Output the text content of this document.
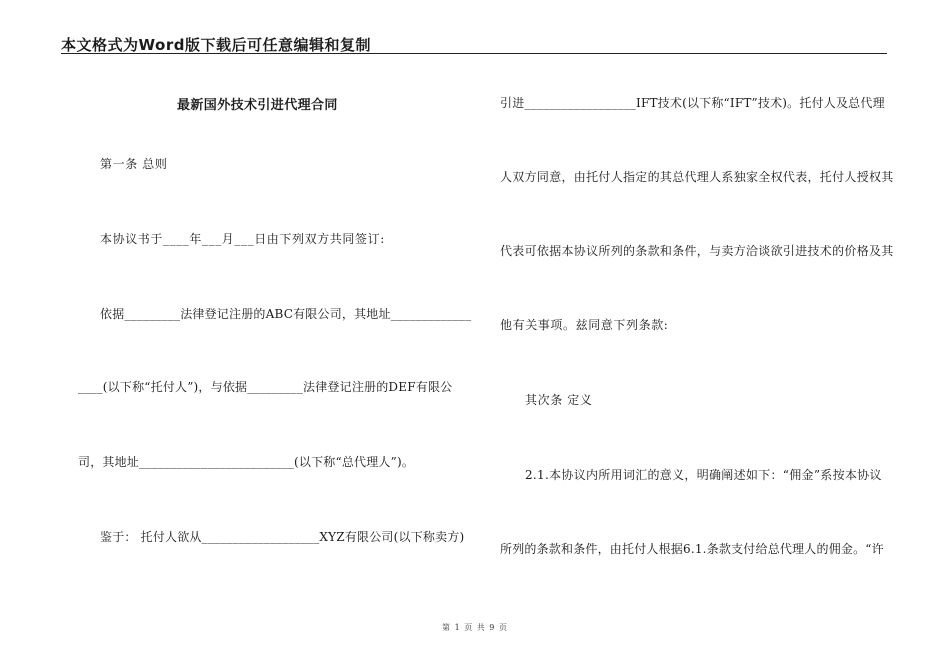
本文格式为Word版下载后可任意编辑和复制
最新国外技术引进代理合同
第一条 总则
本协议书于____年___月___日由下列双方共同签订:
依据_________法律登记注册的ABC有限公司，其地址_____________
____(以下称“托付人”)，与依据_________法律登记注册的DEF有限公
司，其地址_________________________(以下称“总代理人”)。
鉴于： 托付人欲从___________________XYZ有限公司(以下称卖方)
引进__________________IFT技术(以下称“IFT”技术)。托付人及总代理
人双方同意，由托付人指定的其总代理人系独家全权代表，托付人授权其
代表可依据本协议所列的条款和条件，与卖方洽谈欲引进技术的价格及其
他有关事项。兹同意下列条款:
其次条 定义
2.1.本协议内所用词汇的意义，明确阐述如下：“佣金”系按本协议
所列的条款和条件，由托付人根据6.1.条款支付给总代理人的佣金。“许
第 1 页 共 9 页
